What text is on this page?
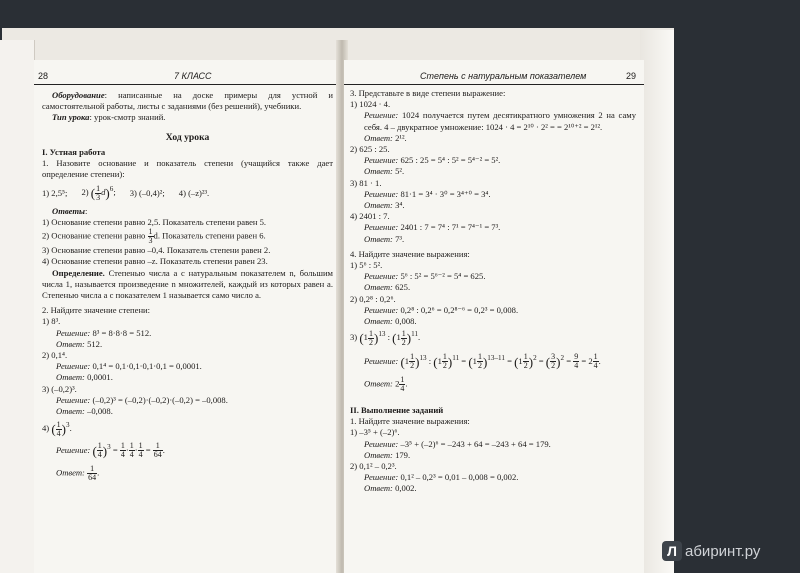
28	7 КЛАСС

Оборудование: написанные на доске примеры для устной и самостоятельной работы, листы с заданиями (без решений), учебники.

Тип урока: урок-смотр знаний.

Ход урока

I. Устная работа

1. Назовите основание и показатель степени (учащийся также дает определение степени):

1) 2,5⁵; 2) ( $\frac{1}{3} d)^6$; 3) (–0,4)²; 4) (–z)²³.

Ответы:

1) Основание степени равно 2,5. Показатель степени равен 5.

2) Основание степени равно $\frac{1}{3} d$. Показатель степени равен 6.

3) Основание степени равно –0,4. Показатель степени равен 2.

4) Основание степени равно –z. Показатель степени равен 23.

Определение. Степенью числа a с натуральным показателем n, большим числа 1, называется произведение n множителей, каждый из которых равен a. Степенью числа a с показателем 1 называется само число a.

2. Найдите значение степени:

1) 8³.

Решение: 8³ = 8·8·8 = 512.

Ответ: 512.

2) 0,1⁴.

Решение: 0,1⁴ = 0,1·0,1·0,1·0,1 = 0,0001.

Ответ: 0,0001.

3) (–0,2)³.

Решение: (–0,2)³ = (–0,2)·(–0,2)·(–0,2) = –0,008.

Ответ: –0,008.

4) ( $\frac{1}{4} )^3$.

Решение: ( $\frac{1}{4} )^3 = \frac{1}{4} \cdot \frac{1}{4} \cdot \frac{1}{4} = \frac{1}{64}$ .

Ответ: $\frac{1}{64}$ .

Степень с натуральным показателем	29

3. Представьте в виде степени выражение:

1) 1024 · 4.

Решение: 1024 получается путем десятикратного умножения 2 на саму себя. 4 – двукратное умножение: 1024 · 4 = 2¹⁰ · 2² = = 2¹⁰⁺² = 2¹².

Ответ: 2¹².

2) 625 : 25.

Решение: 625 : 25 = 5⁴ : 5² = 5⁴⁻² = 5².

Ответ: 5².

3) 81 · 1.

Решение: 81·1 = 3⁴ · 3⁰ = 3⁴⁺⁰ = 3⁴.

Ответ: 3⁴.

4) 2401 : 7.

Решение: 2401 : 7 = 7⁴ : 7¹ = 7⁴⁻¹ = 7³.

Ответ: 7³.

4. Найдите значение выражения:

1) 5⁶ : 5².

Решение: 5⁶ : 5² = 5⁶⁻² = 5⁴ = 625.

Ответ: 625.

2) 0,2⁸ : 0,2⁶.

Решение: 0,2⁸ : 0,2⁶ = 0,2⁸⁻⁶ = 0,2³ = 0,008.

Ответ: 0,008.

3) $(1 \frac{1}{2} )^{13}$ : $(1 \frac{1}{2} )^{11}$.

Решение: $(1 \frac{1}{2} )^{13}$ : $(1 \frac{1}{2} )^{11} = (1 \frac{1}{2} )^{13-11} = (1 \frac{1}{2} )^2$ = ( $\frac{3}{2} )^2 = \frac{9}{4} = 2 \frac{1}{4}$ .

Ответ: $2 \frac{1}{4}$ .

II. Выполнение заданий

1. Найдите значение выражения:

1) –3⁵ + (–2)⁶.

Решение: –3⁵ + (–2)⁶ = –243 + 64 = –243 + 64 = 179.

Ответ: 179.

2) 0,1² – 0,2³.

Решение: 0,1² – 0,2³ = 0,01 – 0,008 = 0,002.

Ответ: 0,002.

Л абиринт.ру
